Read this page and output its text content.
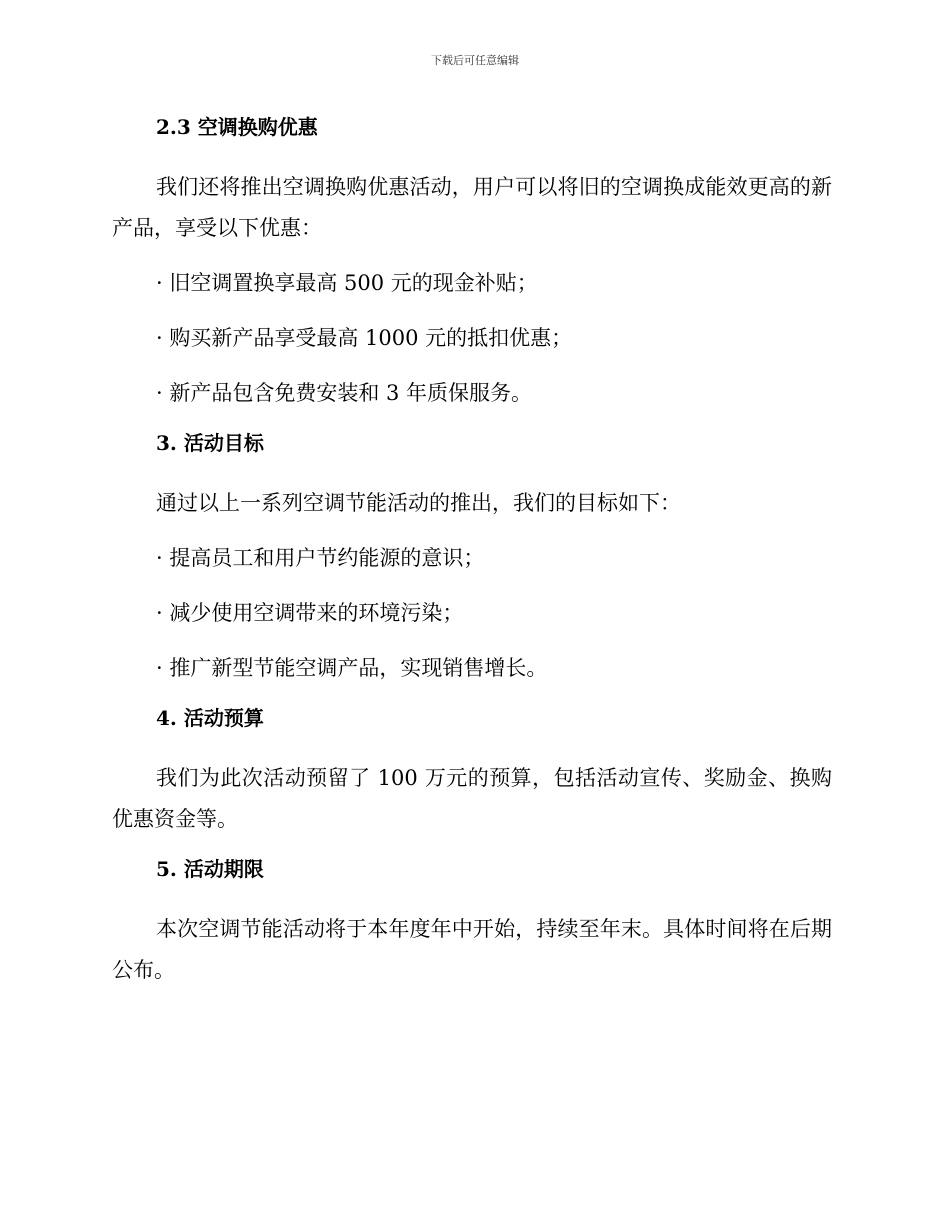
下载后可任意编辑
2.3 空调换购优惠

我们还将推出空调换购优惠活动，用户可以将旧的空调换成能效更高的新产品，享受以下优惠：

· 旧空调置换享最高 500 元的现金补贴；

· 购买新产品享受最高 1000 元的抵扣优惠；

· 新产品包含免费安装和 3 年质保服务。

3. 活动目标

通过以上一系列空调节能活动的推出，我们的目标如下：

· 提高员工和用户节约能源的意识；

· 减少使用空调带来的环境污染；

· 推广新型节能空调产品，实现销售增长。

4. 活动预算

我们为此次活动预留了 100 万元的预算，包括活动宣传、奖励金、换购优惠资金等。

5. 活动期限

本次空调节能活动将于本年度年中开始，持续至年末。具体时间将在后期公布。
